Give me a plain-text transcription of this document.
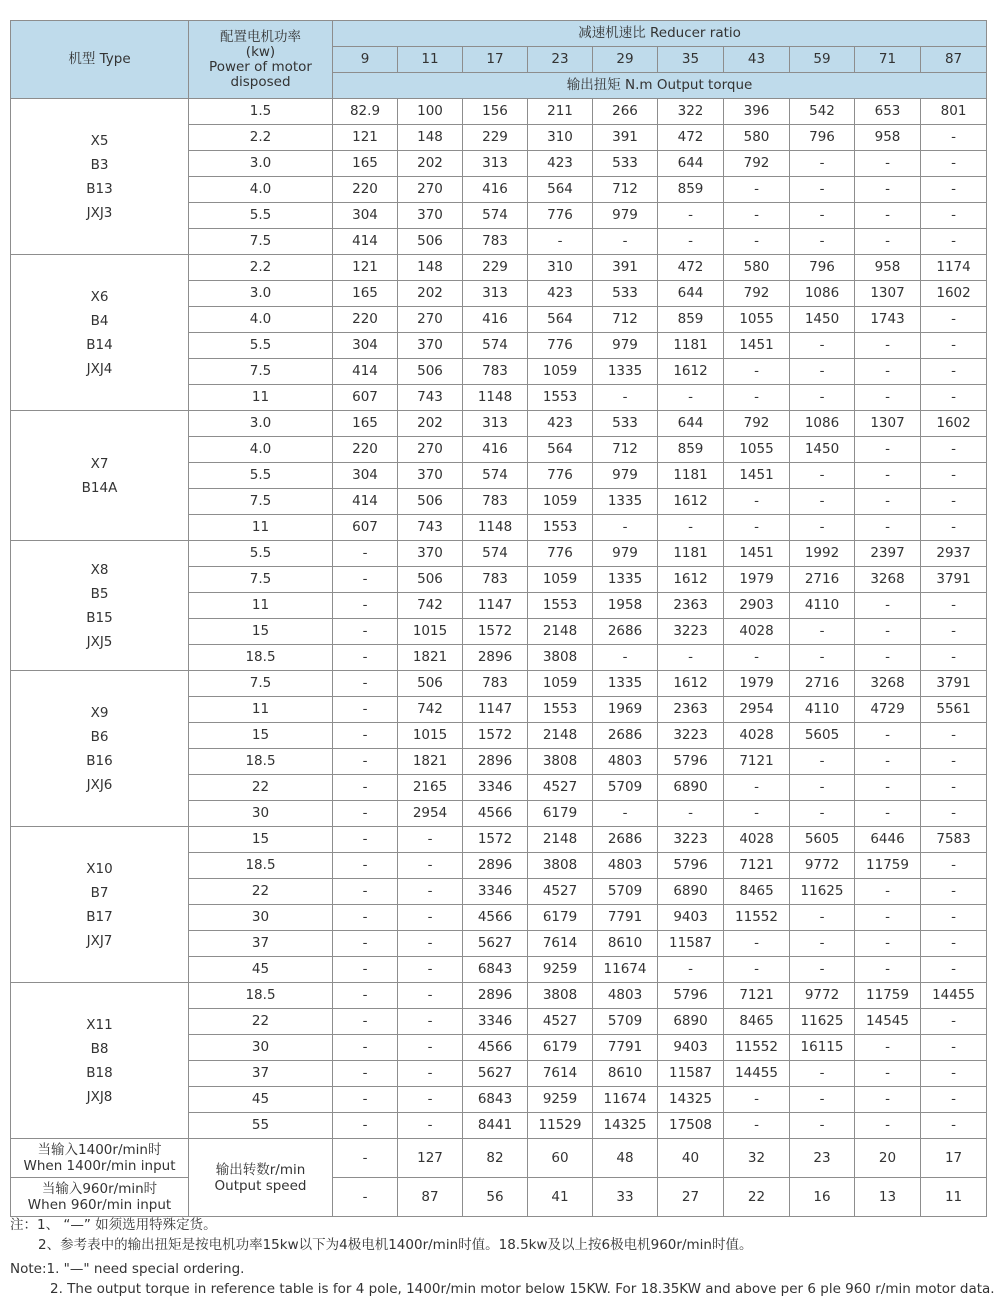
机型 Type	配置电机功率
(kw)
Power of motor
disposed	减速机速比 Reducer ratio									
		9	11	17	23	29	35	43	59	71	87
		输出扭矩 N.m Output torque									

X5
B3
B13
JXJ3	1.5	82.9	100	156	211	266	322	396	542	653	801
	2.2	121	148	229	310	391	472	580	796	958	-
	3.0	165	202	313	423	533	644	792	-	-	-
	4.0	220	270	416	564	712	859	-	-	-	-
	5.5	304	370	574	776	979	-	-	-	-	-
	7.5	414	506	783	-	-	-	-	-	-	-

X6
B4
B14
JXJ4	2.2	121	148	229	310	391	472	580	796	958	1174
	3.0	165	202	313	423	533	644	792	1086	1307	1602
	4.0	220	270	416	564	712	859	1055	1450	1743	-
	5.5	304	370	574	776	979	1181	1451	-	-	-
	7.5	414	506	783	1059	1335	1612	-	-	-	-
	11	607	743	1148	1553	-	-	-	-	-	-

X7
B14A	3.0	165	202	313	423	533	644	792	1086	1307	1602
	4.0	220	270	416	564	712	859	1055	1450	-	-
	5.5	304	370	574	776	979	1181	1451	-	-	-
	7.5	414	506	783	1059	1335	1612	-	-	-	-
	11	607	743	1148	1553	-	-	-	-	-	-

X8
B5
B15
JXJ5	5.5	-	370	574	776	979	1181	1451	1992	2397	2937
	7.5	-	506	783	1059	1335	1612	1979	2716	3268	3791
	11	-	742	1147	1553	1958	2363	2903	4110	-	-
	15	-	1015	1572	2148	2686	3223	4028	-	-	-
	18.5	-	1821	2896	3808	-	-	-	-	-	-

X9
B6
B16
JXJ6	7.5	-	506	783	1059	1335	1612	1979	2716	3268	3791
	11	-	742	1147	1553	1969	2363	2954	4110	4729	5561
	15	-	1015	1572	2148	2686	3223	4028	5605	-	-
	18.5	-	1821	2896	3808	4803	5796	7121	-	-	-
	22	-	2165	3346	4527	5709	6890	-	-	-	-
	30	-	2954	4566	6179	-	-	-	-	-	-

X10
B7
B17
JXJ7	15	-	-	1572	2148	2686	3223	4028	5605	6446	7583
	18.5	-	-	2896	3808	4803	5796	7121	9772	11759	-
	22	-	-	3346	4527	5709	6890	8465	11625	-	-
	30	-	-	4566	6179	7791	9403	11552	-	-	-
	37	-	-	5627	7614	8610	11587	-	-	-	-
	45	-	-	6843	9259	11674	-	-	-	-	-

X11
B8
B18
JXJ8	18.5	-	-	2896	3808	4803	5796	7121	9772	11759	14455
	22	-	-	3346	4527	5709	6890	8465	11625	14545	-
	30	-	-	4566	6179	7791	9403	11552	16115	-	-
	37	-	-	5627	7614	8610	11587	14455	-	-	-
	45	-	-	6843	9259	11674	14325	-	-	-	-
	55	-	-	8441	11529	14325	17508	-	-	-	-

当输入1400r/min时
When 1400r/min input	输出转数r/min
Output speed	-	127	82	60	48	40	32	23	20	17

当输入960r/min时
When 960r/min input		-	87	56	41	33	27	22	16	13	11
注：1、 “—” 如须选用特殊定货。
2、参考表中的输出扭矩是按电机功率15kw以下为4极电机1400r/min时值。18.5kw及以上按6极电机960r/min时值。
Note:1. "—" need special ordering.
2. The output torque in reference table is for 4 pole, 1400r/min motor below 15KW. For 18.35KW and above per 6 ple 960 r/min motor data.
